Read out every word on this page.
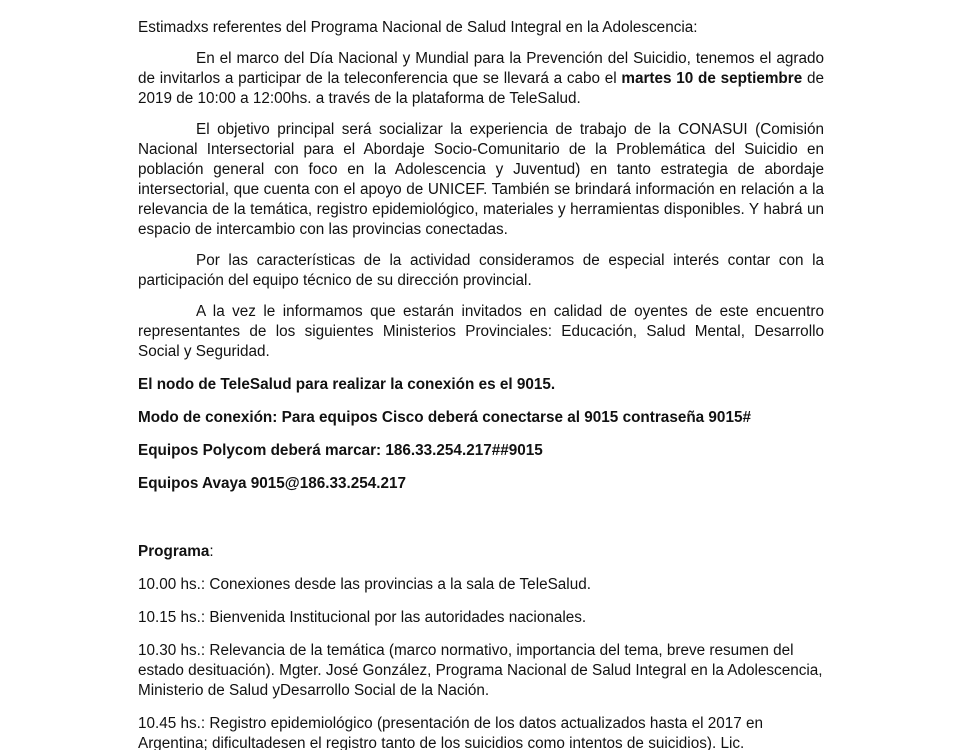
Estimadxs referentes del Programa Nacional de Salud Integral en la Adolescencia:

En el marco del Día Nacional y Mundial para la Prevención del Suicidio, tenemos el agrado de invitarlos a participar de la teleconferencia que se llevará a cabo el martes 10 de septiembre de 2019 de 10:00 a 12:00hs. a través de la plataforma de TeleSalud.

El objetivo principal será socializar la experiencia de trabajo de la CONASUI (Comisión Nacional Intersectorial para el Abordaje Socio-Comunitario de la Problemática del Suicidio en población general con foco en la Adolescencia y Juventud) en tanto estrategia de abordaje intersectorial, que cuenta con el apoyo de UNICEF. También se brindará información en relación a la relevancia de la temática, registro epidemiológico, materiales y herramientas disponibles. Y habrá un espacio de intercambio con las provincias conectadas.

Por las características de la actividad consideramos de especial interés contar con la participación del equipo técnico de su dirección provincial.

A la vez le informamos que estarán invitados en calidad de oyentes de este encuentro representantes de los siguientes Ministerios Provinciales: Educación, Salud Mental, Desarrollo Social y Seguridad.

El nodo de TeleSalud para realizar la conexión es el 9015.

Modo de conexión: Para equipos Cisco deberá conectarse al 9015 contraseña 9015#

Equipos Polycom deberá marcar: 186.33.254.217##9015

Equipos Avaya 9015@186.33.254.217

Programa:

10.00 hs.: Conexiones desde las provincias a la sala de TeleSalud.

10.15 hs.: Bienvenida Institucional por las autoridades nacionales.

10.30 hs.: Relevancia de la temática (marco normativo, importancia del tema, breve resumen del estado desituación). Mgter. José González, Programa Nacional de Salud Integral en la Adolescencia, Ministerio de Salud yDesarrollo Social de la Nación.

10.45 hs.: Registro epidemiológico (presentación de los datos actualizados hasta el 2017 en Argentina; dificultadesen el registro tanto de los suicidios como intentos de suicidios). Lic.
